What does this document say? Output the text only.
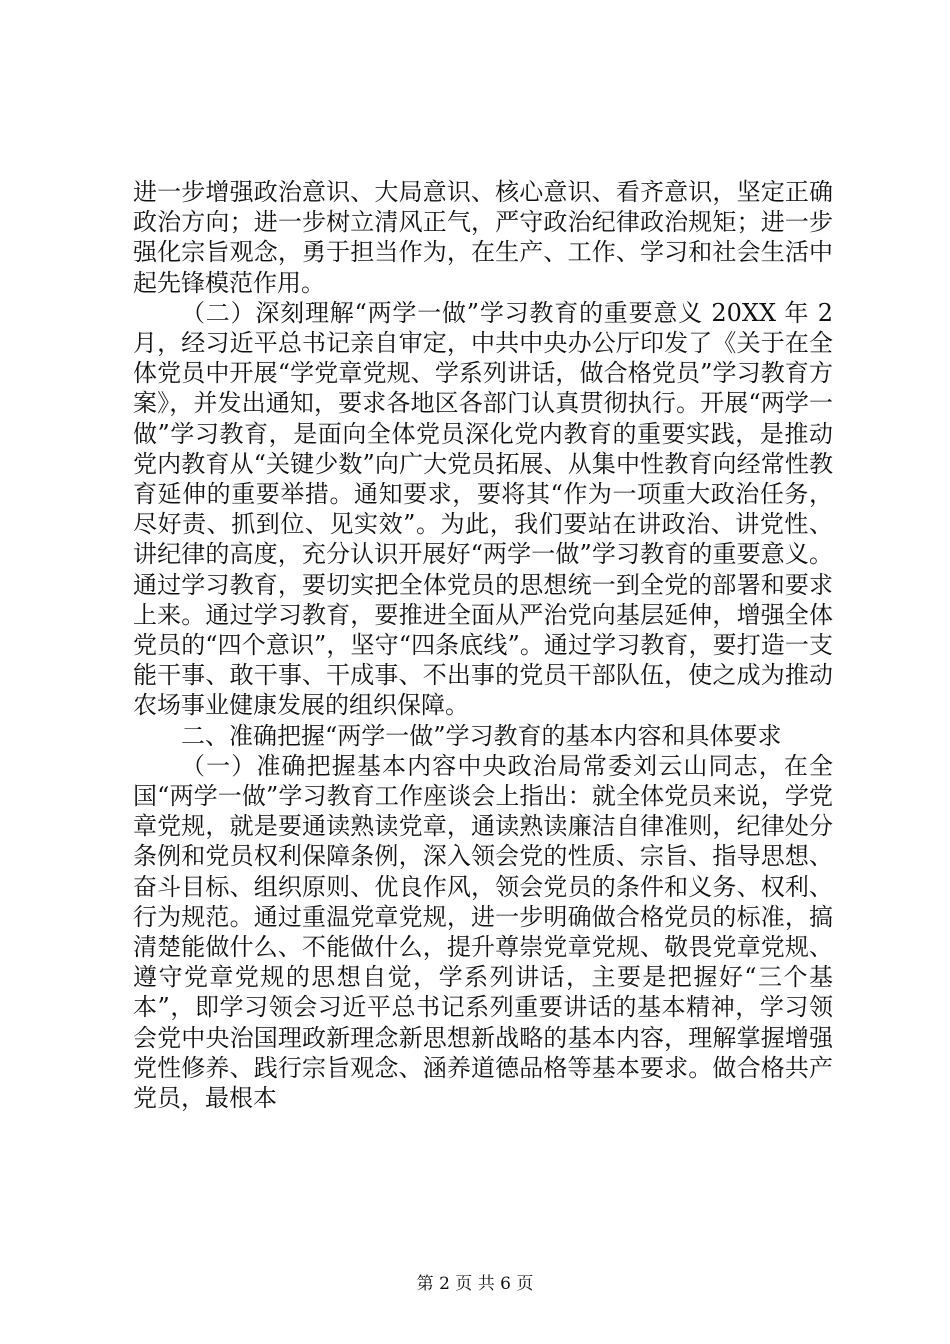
进一步增强政治意识、大局意识、核心意识、看齐意识，坚定正确政治方向；进一步树立清风正气，严守政治纪律政治规矩；进一步强化宗旨观念，勇于担当作为，在生产、工作、学习和社会生活中起先锋模范作用。

（二）深刻理解“两学一做”学习教育的重要意义 20XX 年 2 月，经习近平总书记亲自审定，中共中央办公厅印发了《关于在全体党员中开展“学党章党规、学系列讲话，做合格党员”学习教育方案》，并发出通知，要求各地区各部门认真贯彻执行。开展“两学一做”学习教育，是面向全体党员深化党内教育的重要实践，是推动党内教育从“关键少数”向广大党员拓展、从集中性教育向经常性教育延伸的重要举措。通知要求，要将其“作为一项重大政治任务，尽好责、抓到位、见实效”。为此，我们要站在讲政治、讲党性、讲纪律的高度，充分认识开展好“两学一做”学习教育的重要意义。通过学习教育，要切实把全体党员的思想统一到全党的部署和要求上来。通过学习教育，要推进全面从严治党向基层延伸，增强全体党员的“四个意识”，坚守“四条底线”。通过学习教育，要打造一支能干事、敢干事、干成事、不出事的党员干部队伍，使之成为推动农场事业健康发展的组织保障。

二、准确把握“两学一做”学习教育的基本内容和具体要求

（一）准确把握基本内容中央政治局常委刘云山同志，在全国“两学一做”学习教育工作座谈会上指出：就全体党员来说，学党章党规，就是要通读熟读党章，通读熟读廉洁自律准则，纪律处分条例和党员权利保障条例，深入领会党的性质、宗旨、指导思想、奋斗目标、组织原则、优良作风，领会党员的条件和义务、权利、行为规范。通过重温党章党规，进一步明确做合格党员的标准，搞清楚能做什么、不能做什么，提升尊崇党章党规、敬畏党章党规、遵守党章党规的思想自觉，学系列讲话，主要是把握好“三个基本”，即学习领会习近平总书记系列重要讲话的基本精神，学习领会党中央治国理政新理念新思想新战略的基本内容，理解掌握增强党性修养、践行宗旨观念、涵养道德品格等基本要求。做合格共产党员，最根本

第 2 页 共 6 页
